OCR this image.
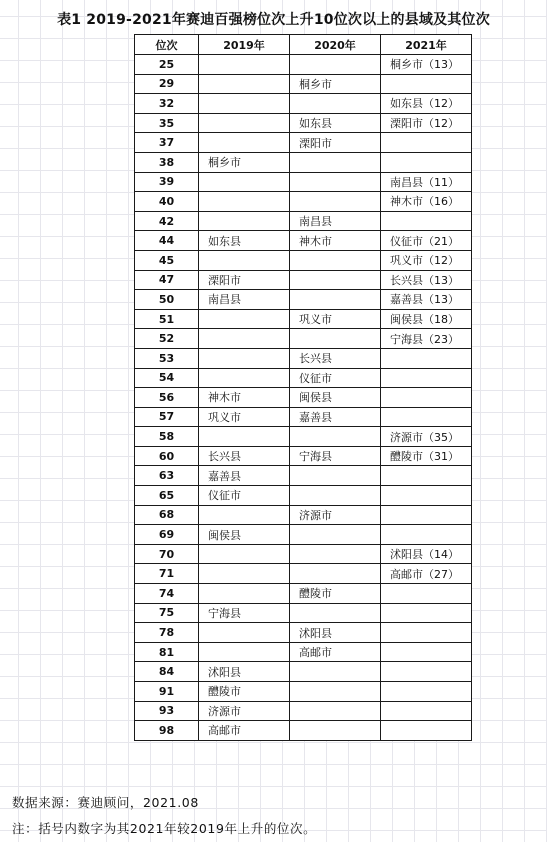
表1 2019-2021年赛迪百强榜位次上升10位次以上的县域及其位次
位次	2019年	2020年	2021年
25			桐乡市（13）
29		桐乡市	
32			如东县（12）
35		如东县	溧阳市（12）
37		溧阳市	
38	桐乡市		
39			南昌县（11）
40			神木市（16）
42		南昌县	
44	如东县	神木市	仪征市（21）
45			巩义市（12）
47	溧阳市		长兴县（13）
50	南昌县		嘉善县（13）
51		巩义市	闽侯县（18）
52			宁海县（23）
53		长兴县	
54		仪征市	
56	神木市	闽侯县	
57	巩义市	嘉善县	
58			济源市（35）
60	长兴县	宁海县	醴陵市（31）
63	嘉善县		
65	仪征市		
68		济源市	
69	闽侯县		
70			沭阳县（14）
71			高邮市（27）
74		醴陵市	
75	宁海县		
78		沭阳县	
81		高邮市	
84	沭阳县		
91	醴陵市		
93	济源市		
98	高邮市		
数据来源：赛迪顾问，2021.08
注：括号内数字为其2021年较2019年上升的位次。
